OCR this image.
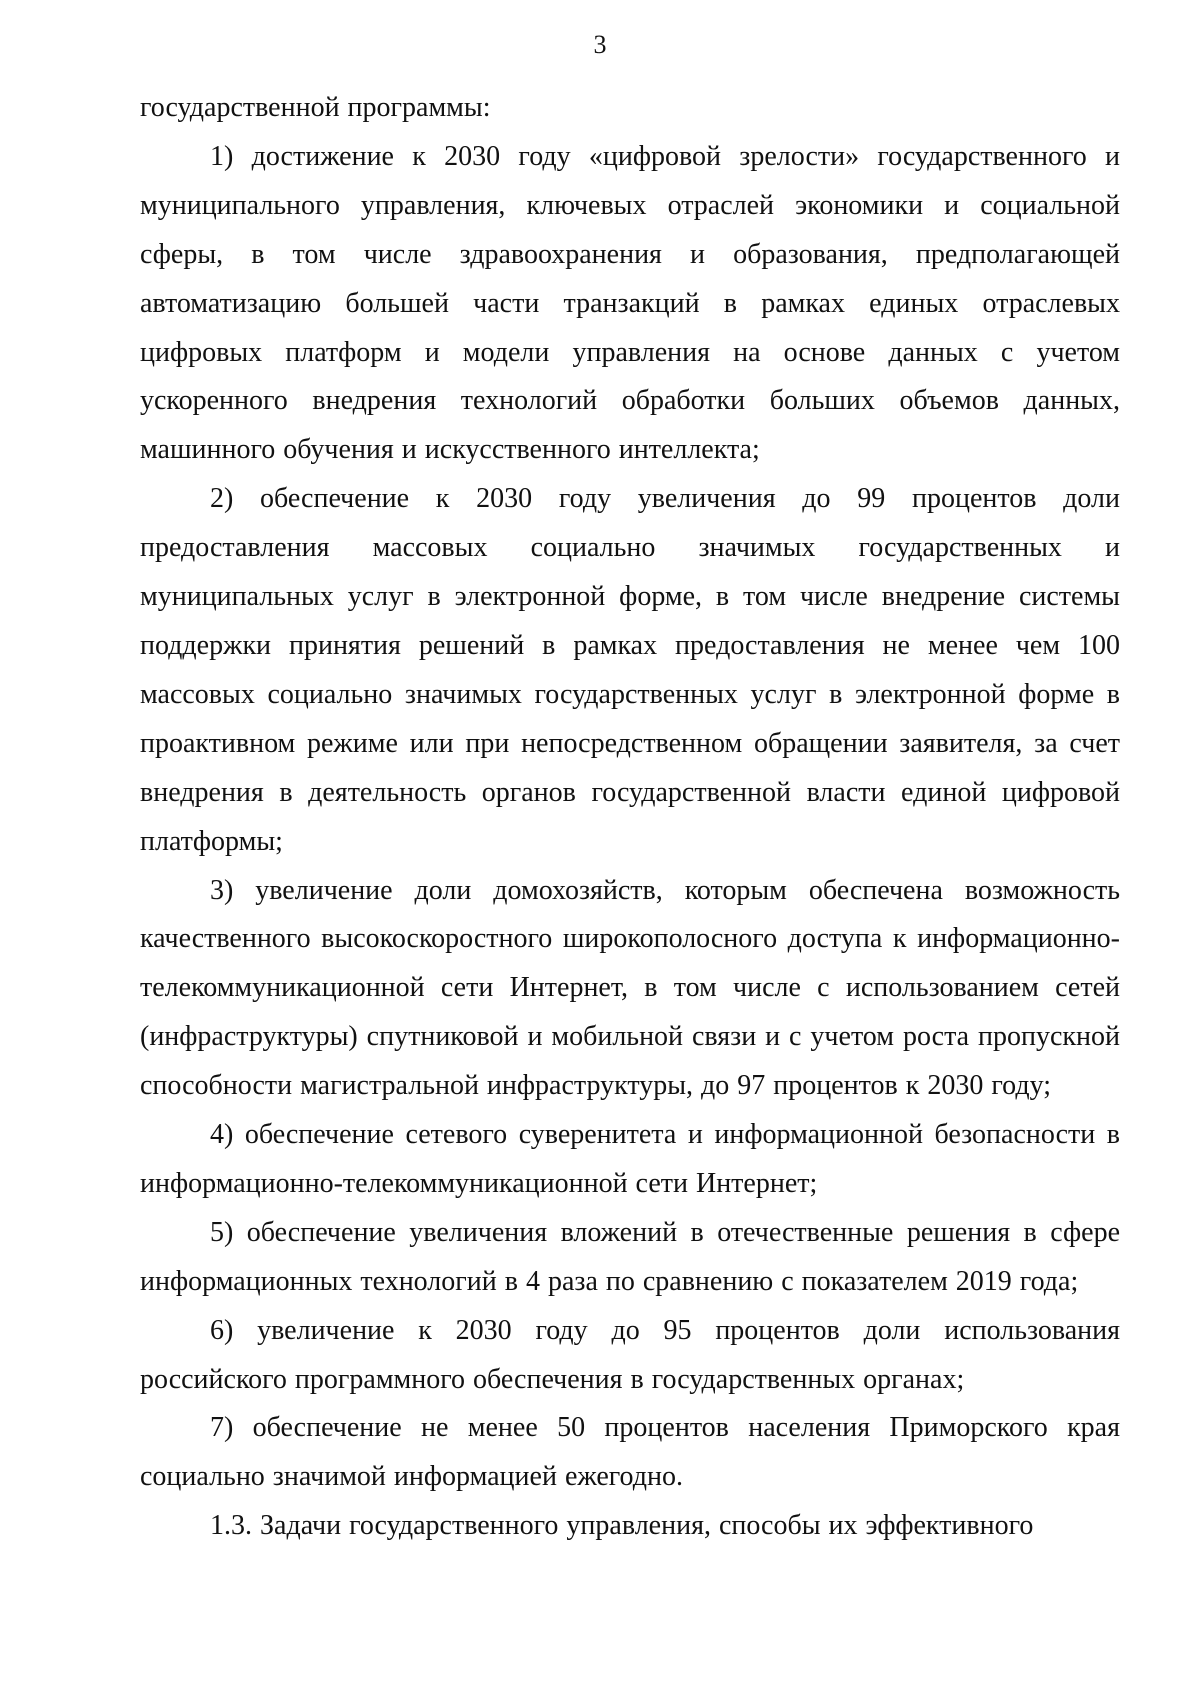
3

государственной программы:

1) достижение к 2030 году «цифровой зрелости» государственного и муниципального управления, ключевых отраслей экономики и социальной сферы, в том числе здравоохранения и образования, предполагающей автоматизацию большей части транзакций в рамках единых отраслевых цифровых платформ и модели управления на основе данных с учетом ускоренного внедрения технологий обработки больших объемов данных, машинного обучения и искусственного интеллекта;

2) обеспечение к 2030 году увеличения до 99 процентов доли предоставления массовых социально значимых государственных и муниципальных услуг в электронной форме, в том числе внедрение системы поддержки принятия решений в рамках предоставления не менее чем 100 массовых социально значимых государственных услуг в электронной форме в проактивном режиме или при непосредственном обращении заявителя, за счет внедрения в деятельность органов государственной власти единой цифровой платформы;

3) увеличение доли домохозяйств, которым обеспечена возможность качественного высокоскоростного широкополосного доступа к информационно-телекоммуникационной сети Интернет, в том числе с использованием сетей (инфраструктуры) спутниковой и мобильной связи и с учетом роста пропускной способности магистральной инфраструктуры, до 97 процентов к 2030 году;

4) обеспечение сетевого суверенитета и информационной безопасности в информационно-телекоммуникационной сети Интернет;

5) обеспечение увеличения вложений в отечественные решения в сфере информационных технологий в 4 раза по сравнению с показателем 2019 года;

6) увеличение к 2030 году до 95 процентов доли использования российского программного обеспечения в государственных органах;

7) обеспечение не менее 50 процентов населения Приморского края социально значимой информацией ежегодно.

1.3. Задачи государственного управления, способы их эффективного
